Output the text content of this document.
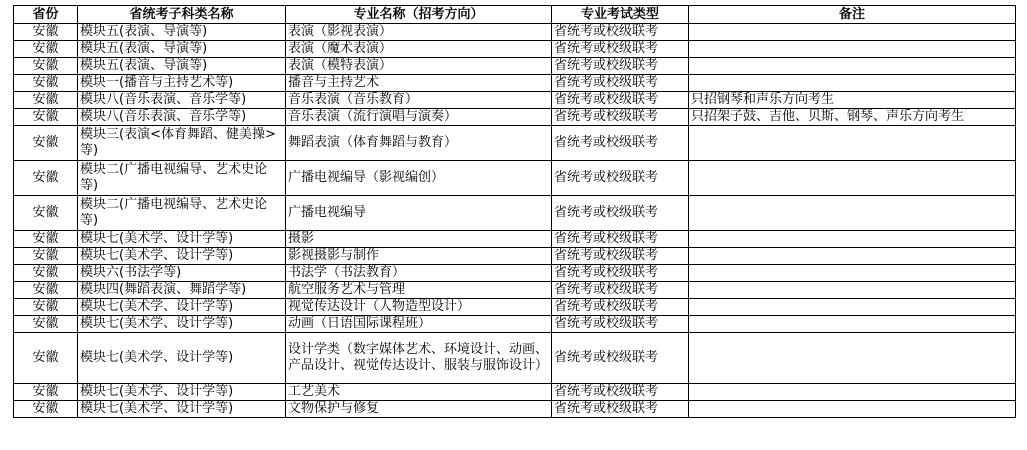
省份	省统考子科类名称	专业名称（招考方向）	专业考试类型	备注
安徽	模块五(表演、导演等)	表演（影视表演）	省统考或校级联考	
安徽	模块五(表演、导演等)	表演（魔术表演）	省统考或校级联考	
安徽	模块五(表演、导演等)	表演（模特表演）	省统考或校级联考	
安徽	模块一(播音与主持艺术等)	播音与主持艺术	省统考或校级联考	
安徽	模块八(音乐表演、音乐学等)	音乐表演（音乐教育）	省统考或校级联考	只招钢琴和声乐方向考生
安徽	模块八(音乐表演、音乐学等)	音乐表演（流行演唱与演奏）	省统考或校级联考	只招架子鼓、吉他、贝斯、钢琴、声乐方向考生
安徽	模块三(表演<体育舞蹈、健美操>等)	舞蹈表演（体育舞蹈与教育）	省统考或校级联考	
安徽	模块二(广播电视编导、艺术史论等)	广播电视编导（影视编创）	省统考或校级联考	
安徽	模块二(广播电视编导、艺术史论等)	广播电视编导	省统考或校级联考	
安徽	模块七(美术学、设计学等)	摄影	省统考或校级联考	
安徽	模块七(美术学、设计学等)	影视摄影与制作	省统考或校级联考	
安徽	模块六(书法学等)	书法学（书法教育）	省统考或校级联考	
安徽	模块四(舞蹈表演、舞蹈学等)	航空服务艺术与管理	省统考或校级联考	
安徽	模块七(美术学、设计学等)	视觉传达设计（人物造型设计）	省统考或校级联考	
安徽	模块七(美术学、设计学等)	动画（日语国际课程班）	省统考或校级联考	
安徽	模块七(美术学、设计学等)	设计学类（数字媒体艺术、环境设计、动画、产品设计、视觉传达设计、服装与服饰设计）	省统考或校级联考	
安徽	模块七(美术学、设计学等)	工艺美术	省统考或校级联考	
安徽	模块七(美术学、设计学等)	文物保护与修复	省统考或校级联考	
